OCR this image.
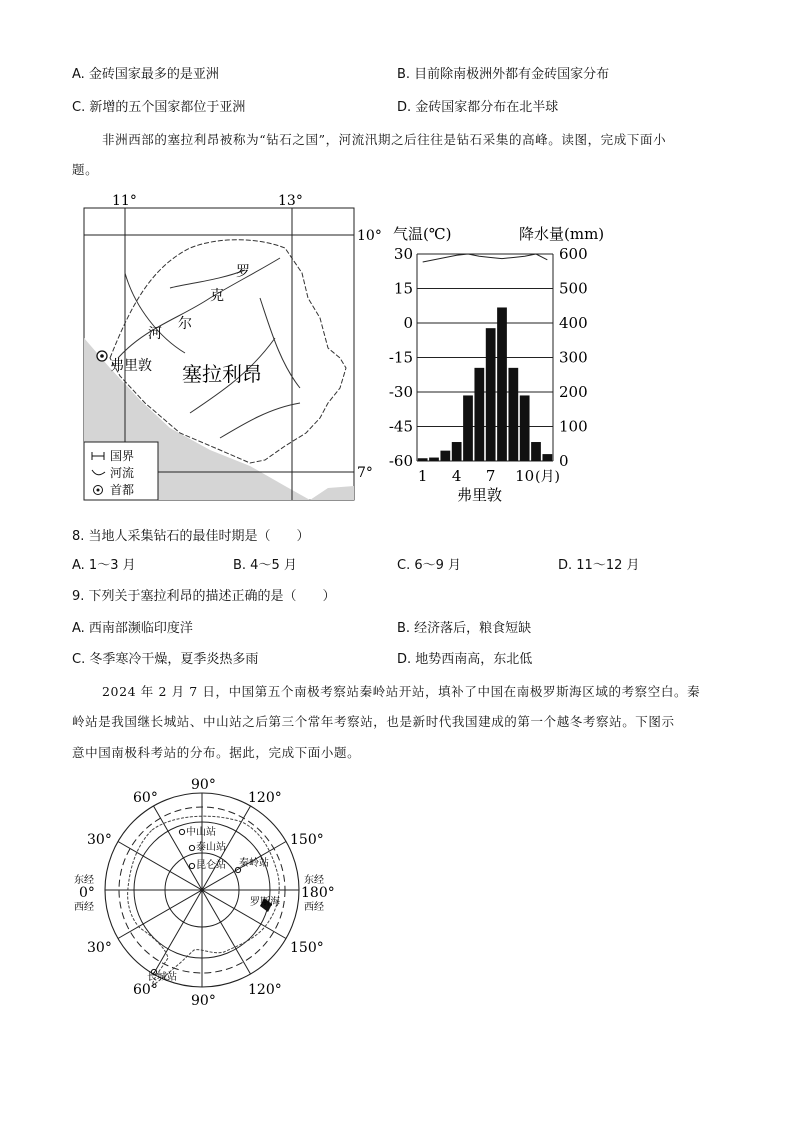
A. 金砖国家最多的是亚洲	B. 目前除南极洲外都有金砖国家分布
C. 新增的五个国家都位于亚洲	D. 金砖国家都分布在北半球
非洲西部的塞拉利昂被称为“钻石之国”，河流汛期之后往往是钻石采集的高峰。读图，完成下面小
题。
11°	13°
10°
7°
罗
克
尔
河
弗里敦 塞拉利昂
国界
河流
首都
气温(℃)	降水量(mm)
30
15
0
-15
-30
-45
-60
600
500
400
300
200
100
0
1 4 7 10 (月)
弗里敦
8. 当地人采集钻石的最佳时期是（　　）
A. 1～3 月	B. 4～5 月	C. 6～9 月	D. 11～12 月
9. 下列关于塞拉利昂的描述正确的是（　　）
A. 西南部濒临印度洋	B. 经济落后，粮食短缺
C. 冬季寒冷干燥，夏季炎热多雨	D. 地势西南高，东北低
2024 年 2 月 7 日，中国第五个南极考察站秦岭站开站，填补了中国在南极罗斯海区域的考察空白。秦
岭站是我国继长城站、中山站之后第三个常年考察站，也是新时代我国建成的第一个越冬考察站。下图示
意中国南极科考站的分布。据此，完成下面小题。
中山站
泰山站
昆仑站 秦岭站
罗斯海
长城站
90°
60°	120°
30°	150°
东经
0°
西经
东经
180°
西经
30°	150°
60°
90°
120°
